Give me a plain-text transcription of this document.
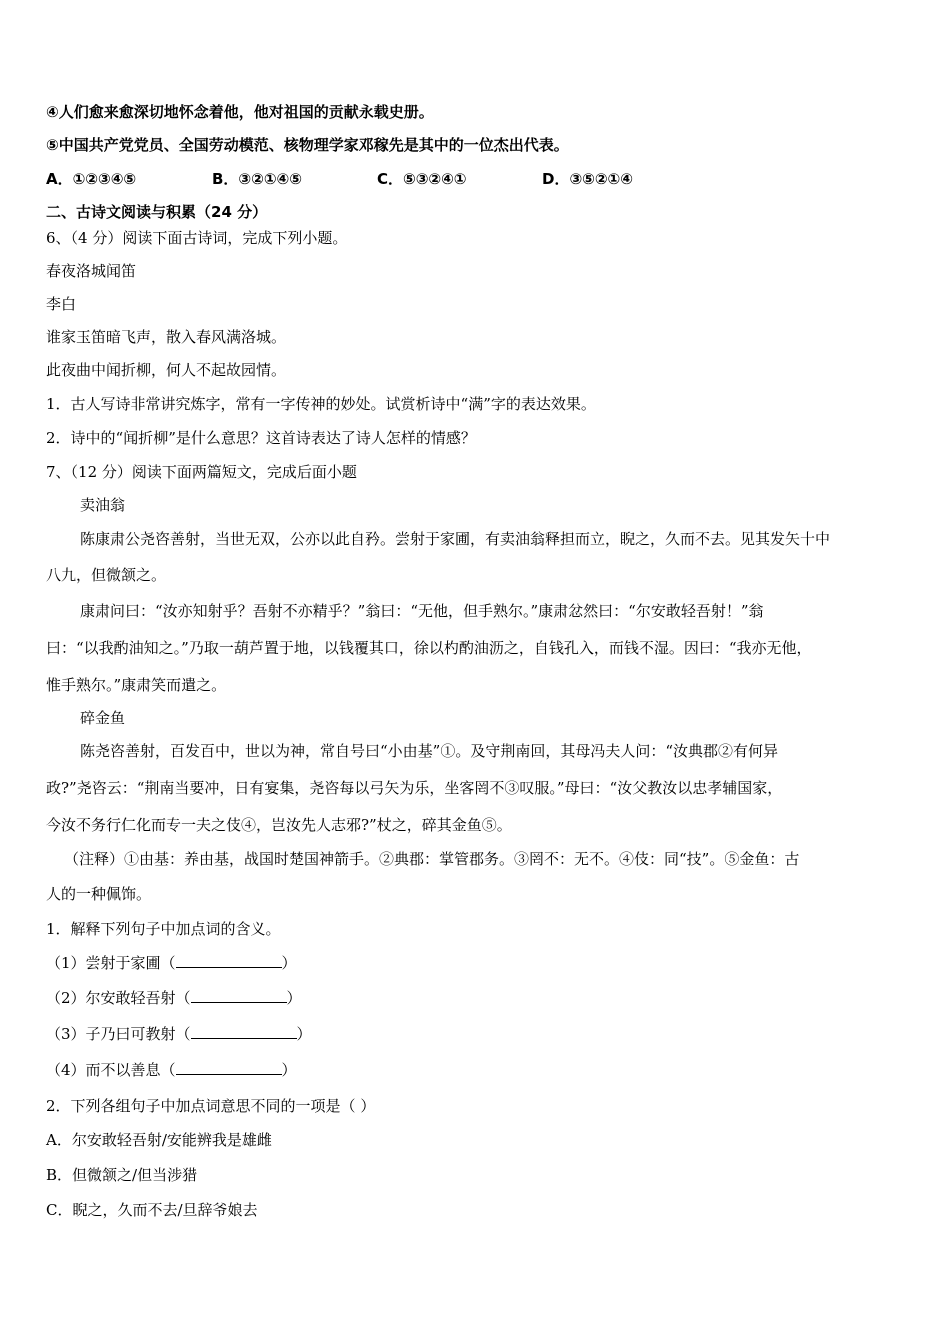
④人们愈来愈深切地怀念着他，他对祖国的贡献永载史册。
⑤中国共产党党员、全国劳动模范、核物理学家邓稼先是其中的一位杰出代表。
A．①②③④⑤	B．③②①④⑤	C．⑤③②④①	D．③⑤②①④
二、古诗文阅读与积累（24 分）
6、（4 分）阅读下面古诗词，完成下列小题。
春夜洛城闻笛
李白
谁家玉笛暗飞声，散入春风满洛城。
此夜曲中闻折柳，何人不起故园情。
1．古人写诗非常讲究炼字，常有一字传神的妙处。试赏析诗中“满”字的表达效果。
2．诗中的“闻折柳”是什么意思？这首诗表达了诗人怎样的情感？
7、（12 分）阅读下面两篇短文，完成后面小题
卖油翁
陈康肃公尧咨善射，当世无双，公亦以此自矜。尝射于家圃，有卖油翁释担而立，睨之，久而不去。见其发矢十中
八九，但微颔之。
康肃问曰：“汝亦知射乎？吾射不亦精乎？”翁曰：“无他，但手熟尔。”康肃忿然曰：“尔安敢轻吾射！”翁
曰：“以我酌油知之。”乃取一葫芦置于地，以钱覆其口，徐以杓酌油沥之，自钱孔入，而钱不湿。因曰：“我亦无他，
惟手熟尔。”康肃笑而遣之。
碎金鱼
陈尧咨善射，百发百中，世以为神，常自号曰“小由基”①。及守荆南回，其母冯夫人问：“汝典郡②有何异
政?”尧咨云：“荆南当要冲，日有宴集，尧咨每以弓矢为乐，坐客罔不③叹服。”母曰：“汝父教汝以忠孝辅国家，
今汝不务行仁化而专一夫之伎④，岂汝先人志邪?”杖之，碎其金鱼⑤。
（注释）①由基：养由基，战国时楚国神箭手。②典郡：掌管郡务。③罔不：无不。④伎：同“技”。⑤金鱼：古
人的一种佩饰。
1．解释下列句子中加点词的含义。
（1）尝射于家圃（	）
（2）尔安敢轻吾射（	）
（3）子乃曰可教射（	）
（4）而不以善息（	）
2．下列各组句子中加点词意思不同的一项是（ ）
A．尔安敢轻吾射/安能辨我是雄雌
B．但微颔之/但当涉猎
C．睨之，久而不去/旦辞爷娘去
